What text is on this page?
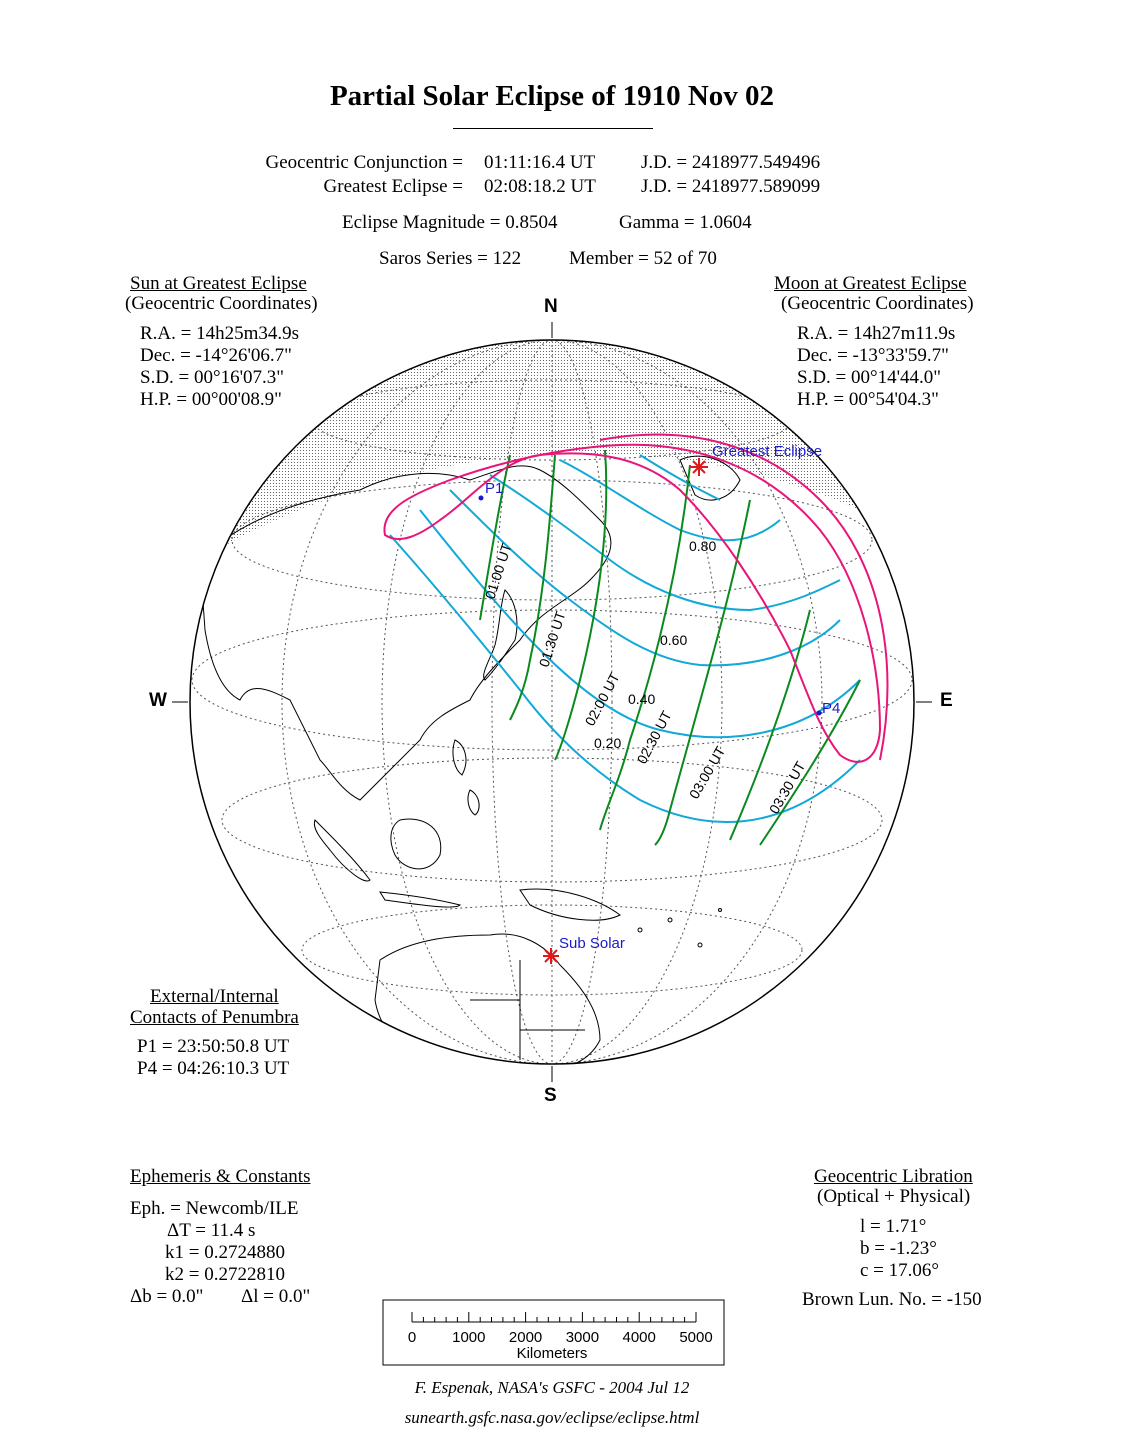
Partial Solar Eclipse of 1910 Nov 02
Geocentric Conjunction = 01:11:16.4 UT J.D. = 2418977.549496
Greatest Eclipse = 02:08:18.2 UT J.D. = 2418977.589099
Eclipse Magnitude = 0.8504	Gamma = 1.0604
Saros Series = 122	Member = 52 of 70
Sun at Greatest Eclipse
(Geocentric Coordinates)
R.A. = 14h25m34.9s
Dec. = -14°26'06.7"
S.D. = 00°16'07.3"
H.P. = 00°00'08.9"
Moon at Greatest Eclipse
(Geocentric Coordinates)
R.A. = 14h27m11.9s
Dec. = -13°33'59.7"
S.D. = 00°14'44.0"
H.P. = 00°54'04.3"
N
S
W	E
Greatest Eclipse
Sub Solar
P1
P4
0.80
0.60
0.40
0.20
01:00 UT
01:30 UT
02:00 UT
02:30 UT
03:00 UT	03:30 UT
0 1000 2000 3000 4000 5000
Kilometers
External/Internal
Contacts of Penumbra
P1 = 23:50:50.8 UT
P4 = 04:26:10.3 UT
Ephemeris & Constants
Eph. = Newcomb/ILE
ΔT = 11.4 s
k1 = 0.2724880
k2 = 0.2722810
Δb = 0.0" Δl = 0.0"
Geocentric Libration
(Optical + Physical)
l = 1.71°
b = -1.23°
c = 17.06°
Brown Lun. No. = -150
F. Espenak, NASA's GSFC - 2004 Jul 12
sunearth.gsfc.nasa.gov/eclipse/eclipse.html
